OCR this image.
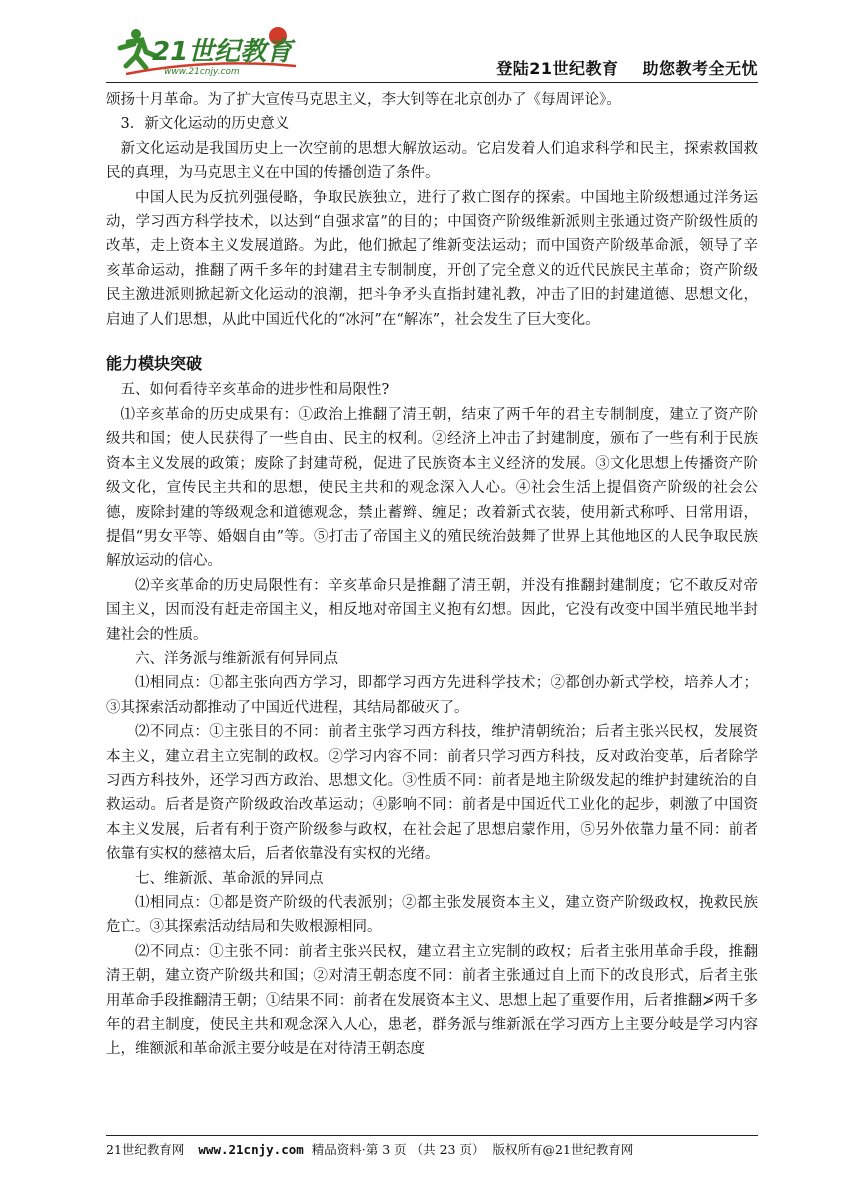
21世纪教育
www.21cnjy.com	登陆21世纪教育 助您教考全无忧

颂扬十月革命。为了扩大宣传马克思主义，李大钊等在北京创办了《每周评论》。

3．新文化运动的历史意义

新文化运动是我国历史上一次空前的思想大解放运动。它启发着人们追求科学和民主，探索救国救民的真理，为马克思主义在中国的传播创造了条件。

中国人民为反抗列强侵略，争取民族独立，进行了救亡图存的探索。中国地主阶级想通过洋务运动，学习西方科学技术，以达到“自强求富”的目的；中国资产阶级维新派则主张通过资产阶级性质的改革，走上资本主义发展道路。为此，他们掀起了维新变法运动；而中国资产阶级革命派，领导了辛亥革命运动，推翻了两千多年的封建君主专制制度，开创了完全意义的近代民族民主革命；资产阶级民主激进派则掀起新文化运动的浪潮，把斗争矛头直指封建礼教，冲击了旧的封建道德、思想文化，启迪了人们思想，从此中国近代化的“冰河”在“解冻”，社会发生了巨大变化。

能力模块突破

五、如何看待辛亥革命的进步性和局限性?

⑴辛亥革命的历史成果有：①政治上推翻了清王朝，结束了两千年的君主专制制度，建立了资产阶级共和国；使人民获得了一些自由、民主的权利。②经济上冲击了封建制度，颁布了一些有利于民族资本主义发展的政策；废除了封建苛税，促进了民族资本主义经济的发展。③文化思想上传播资产阶级文化，宣传民主共和的思想，使民主共和的观念深入人心。④社会生活上提倡资产阶级的社会公德，废除封建的等级观念和道德观念，禁止蓄辫、缠足；改着新式衣装，使用新式称呼、日常用语，提倡“男女平等、婚姻自由”等。⑤打击了帝国主义的殖民统治鼓舞了世界上其他地区的人民争取民族解放运动的信心。

⑵辛亥革命的历史局限性有：辛亥革命只是推翻了清王朝，并没有推翻封建制度；它不敢反对帝国主义，因而没有赶走帝国主义，相反地对帝国主义抱有幻想。因此，它没有改变中国半殖民地半封建社会的性质。

六、洋务派与维新派有何异同点

⑴相同点：①都主张向西方学习，即都学习西方先进科学技术；②都创办新式学校，培养人才；③其探索活动都推动了中国近代进程，其结局都破灭了。

⑵不同点：①主张目的不同：前者主张学习西方科技，维护清朝统治；后者主张兴民权，发展资本主义，建立君主立宪制的政权。②学习内容不同：前者只学习西方科技，反对政治变革，后者除学习西方科技外，还学习西方政治、思想文化。③性质不同：前者是地主阶级发起的维护封建统治的自救运动。后者是资产阶级政治改革运动；④影响不同：前者是中国近代工业化的起步，刺激了中国资本主义发展，后者有利于资产阶级参与政权，在社会起了思想启蒙作用，⑤另外依靠力量不同：前者依靠有实权的慈禧太后，后者依靠没有实权的光绪。

七、维新派、革命派的异同点

⑴相同点：①都是资产阶级的代表派别；②都主张发展资本主义，建立资产阶级政权，挽救民族危亡。③其探索活动结局和失败根源相同。

⑵不同点：①主张不同：前者主张兴民权，建立君主立宪制的政权；后者主张用革命手段，推翻清王朝，建立资产阶级共和国；②对清王朝态度不同：前者主张通过自上而下的改良形式，后者主张用革命手段推翻清王朝；①结果不同：前者在发展资本主义、思想上起了重要作用，后者推翻≯两千多年的君主制度，使民主共和观念深入人心，患老，群务派与维新派在学习西方上主要分岐是学习内容上，维额派和革命派主要分岐是在对待清王朝态度

21世纪教育网 www.21cnjy.com 精品资料·第 3 页 （共 23 页） 版权所有@21世纪教育网
